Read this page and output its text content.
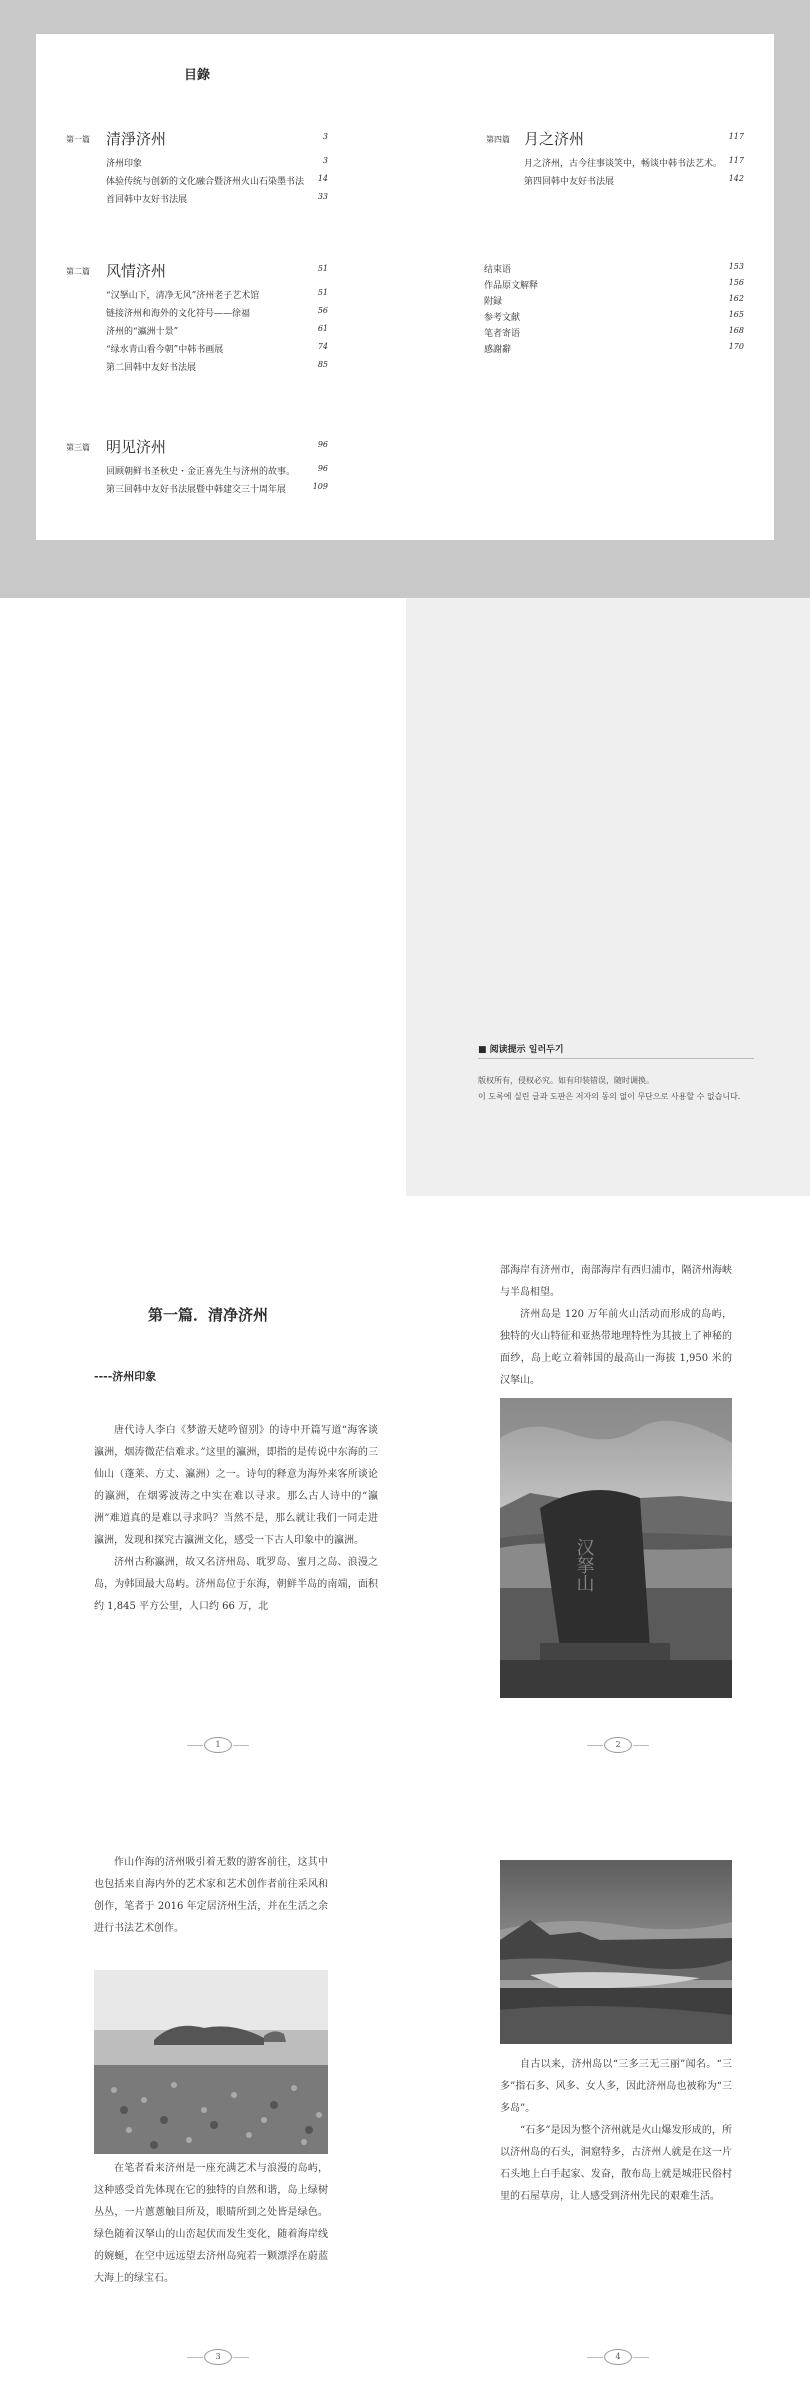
目錄
第一篇 清淨济州	3
济州印象	3
体验传统与创新的文化融合暨济州火山石染墨书法	14
首回韩中友好书法展	33
第二篇 风情济州	51
“汉拏山下，清净无风”济州老子艺术馆	51
链接济州和海外的文化符号——徐福	56
济州的“瀛洲十景”	61
“绿水青山看今朝”中韩书画展	74
第二回韩中友好书法展	85
第三篇 明见济州	96
回顾朝鲜书圣秋史・金正喜先生与济州的故事。	96
第三回韩中友好书法展暨中韩建交三十周年展	109
第四篇 月之济州	117
月之济州，古今往事谈笑中，畅谈中韩书法艺术。 117
第四回韩中友好书法展	142
结束语	153
作品原文解释	156
附録	162
参考文献	165
笔者寄语	168
感謝辭	170
■ 阅读提示 일러두기
版权所有，侵权必究。如有印装错误，随时调换。
이 도록에 실린 글과 도판은 저자의 동의 없이 무단으로 사용할 수 없습니다.
第一篇．清净济州
----济州印象

唐代诗人李白《梦游天姥吟留别》的诗中开篇写道“海客谈瀛洲，烟涛微茫信难求。”这里的瀛洲，即指的是传说中东海的三仙山（蓬莱、方丈、瀛洲）之一。诗句的释意为海外来客所谈论的瀛洲，在烟雾波涛之中实在难以寻求。那么古人诗中的“瀛洲”难道真的是难以寻求吗？当然不是，那么就让我们一同走进瀛洲，发现和探究古瀛洲文化，感受一下古人印象中的瀛洲。

济州古称瀛洲，故又名济州岛、耽罗岛、蜜月之岛、浪漫之岛，为韩国最大岛屿。济州岛位于东海，朝鲜半岛的南端，面积约 1,845 平方公里，人口约 66 万，北

1

部海岸有济州市，南部海岸有西归浦市，隔济州海峡与半岛相望。

济州岛是 120 万年前火山活动而形成的岛屿，独特的火山特征和亚热带地理特性为其披上了神秘的面纱，岛上屹立着韩国的最高山一海拔 1,950 米的汉拏山。

汉拏山
2

作山作海的济州吸引着无数的游客前往，这其中也包括来自海内外的艺术家和艺术创作者前往采风和创作，笔者于 2016 年定居济州生活，并在生活之余进行书法艺术创作。

在笔者看来济州是一座充满艺术与浪漫的岛屿，这种感受首先体现在它的独特的自然和谐，岛上绿树丛丛，一片蔥蔥触目所及，眼睛所到之处皆是绿色。绿色随着汉拏山的山峦起伏而发生变化，随着海岸线的婉蜒，在空中远远望去济州岛宛若一颗漂浮在蔚蓝大海上的绿宝石。

3

自古以来，济州岛以“三多三无三丽”闻名。“三多”指石多、风多、女人多，因此济州岛也被称为“三多岛”。

“石多”是因为整个济州就是火山爆发形成的，所以济州岛的石头，洞窟特多，古济州人就是在这一片石头地上白手起家、发奋，散布岛上就是城莊民俗村里的石屋草房，让人感受到济州先民的艰难生活。

4
